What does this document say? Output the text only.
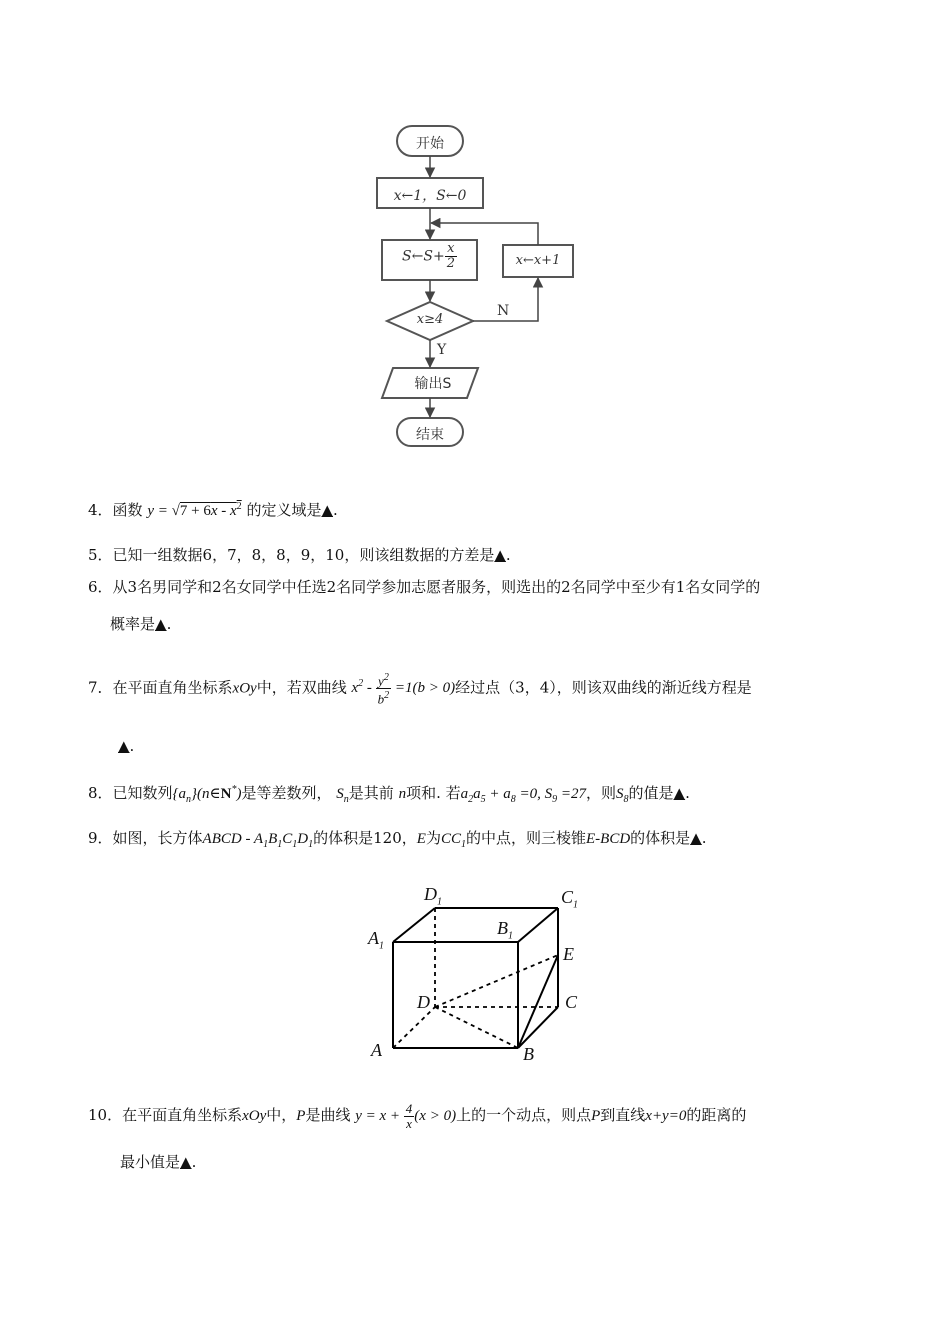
开始
x←1，S←0
S←S+ $\frac{x}{2}$	x←x+1
x≥4
N
Y
输出S
结束
4．函数 $y = √7 + 6x - x^2$ 的定义域是▲.
5．已知一组数据6，7，8，8，9，10，则该组数据的方差是▲.
6．从3名男同学和2名女同学中任选2名同学参加志愿者服务，则选出的2名同学中至少有1名女同学的
概率是▲.
7．在平面直角坐标系xOy中，若双曲线 $x^2 - \frac{y^2}{b^2} =1(b > 0)$经过点（3，4），则该双曲线的渐近线方程是
▲.
8．已知数列$\{a_n\}(n\in N^*)$是等差数列， $S_n$是其前 n项和. 若$a_2a_5 + a_8 =0$, $S_9 =27$，则$S_8$的值是▲.
9．如图，长方体ABCD - $A_1B_1C_1D_1$的体积是120，E为$CC_1$的中点，则三棱锥E-BCD的体积是▲.
$D_1$	$C_1$
$A_1$
$B_1$
E
D	C
A	B
10．在平面直角坐标系xOy中，P是曲线 $y = x + \frac{4}{x} (x > 0)$上的一个动点，则点P到直线x+y=0的距离的
最小值是▲.
